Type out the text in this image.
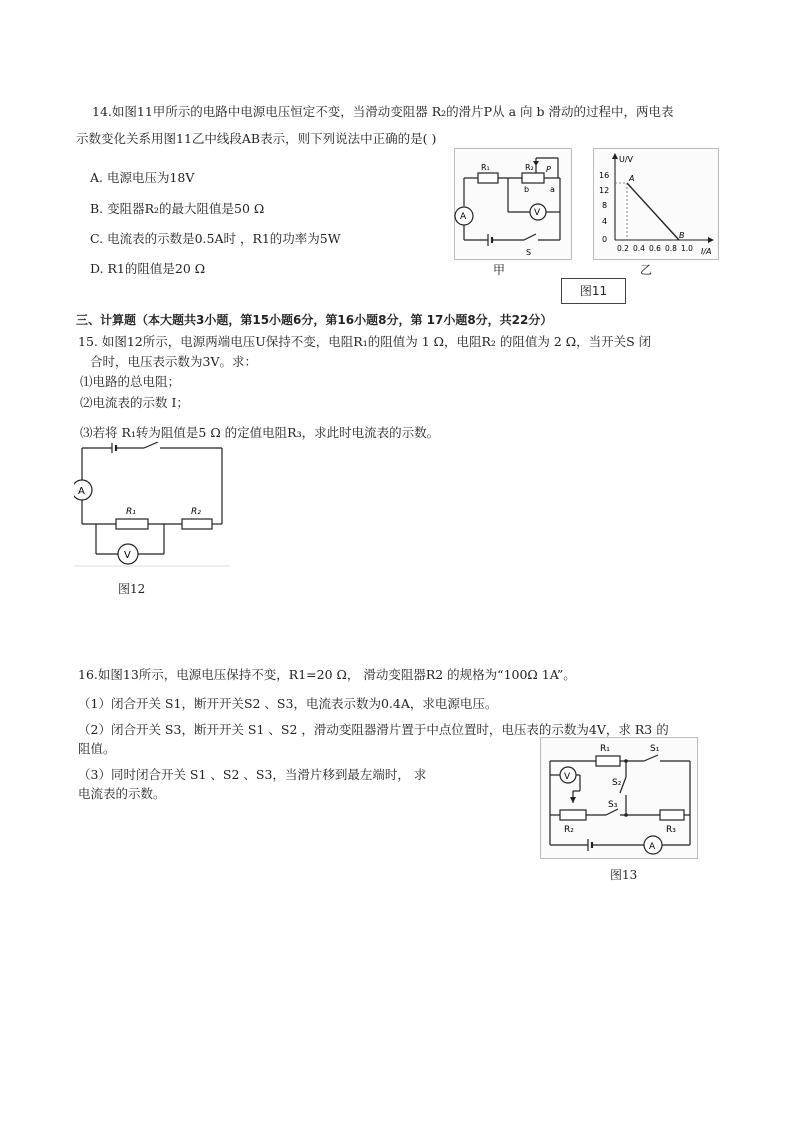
14.如图11甲所示的电路中电源电压恒定不变，当滑动变阻器 R₂的滑片P从 a 向 b 滑动的过程中，两电表
示数变化关系用图11乙中线段AB表示，则下列说法中正确的是( )
A. 电源电压为18V
B. 变阻器R₂的最大阻值是50 Ω
C. 电流表的示数是0.5A时 ，R1的功率为5W
D. R1的阻值是20 Ω
R₁	R₂ P
b	a
A	V
S
甲
U/V
I/A
A
B
16
12
8
4
0
0.2 0.4 0.6 0.8 1.0
乙
图11
三、计算题（本大题共3小题，第15小题6分，第16小题8分，第 17小题8分，共22分）
15. 如图12所示，电源两端电压U保持不变，电阻R₁的阻值为 1 Ω，电阻R₂ 的阻值为 2 Ω，当开关S 闭
合时，电压表示数为3V。求：
⑴电路的总电阻；
⑵电流表的示数 I；
⑶若将 R₁转为阻值是5 Ω 的定值电阻R₃，求此时电流表的示数。
A
V
R₁	R₂
图12
16.如图13所示，电源电压保持不变，R1=20 Ω， 滑动变阻器R2 的规格为“100Ω 1A”。
（1）闭合开关 S1，断开开关S2 、S3，电流表示数为0.4A，求电源电压。
（2）闭合开关 S3，断开开关 S1 、S2 ，滑动变阻器滑片置于中点位置时，电压表的示数为4V，求 R3 的
阻值。
（3）同时闭合开关 S1 、S2 、S3，当滑片移到最左端时， 求
电流表的示数。
R₁	S₁
S₂
S₃
R₂	R₃
V
A
图13
